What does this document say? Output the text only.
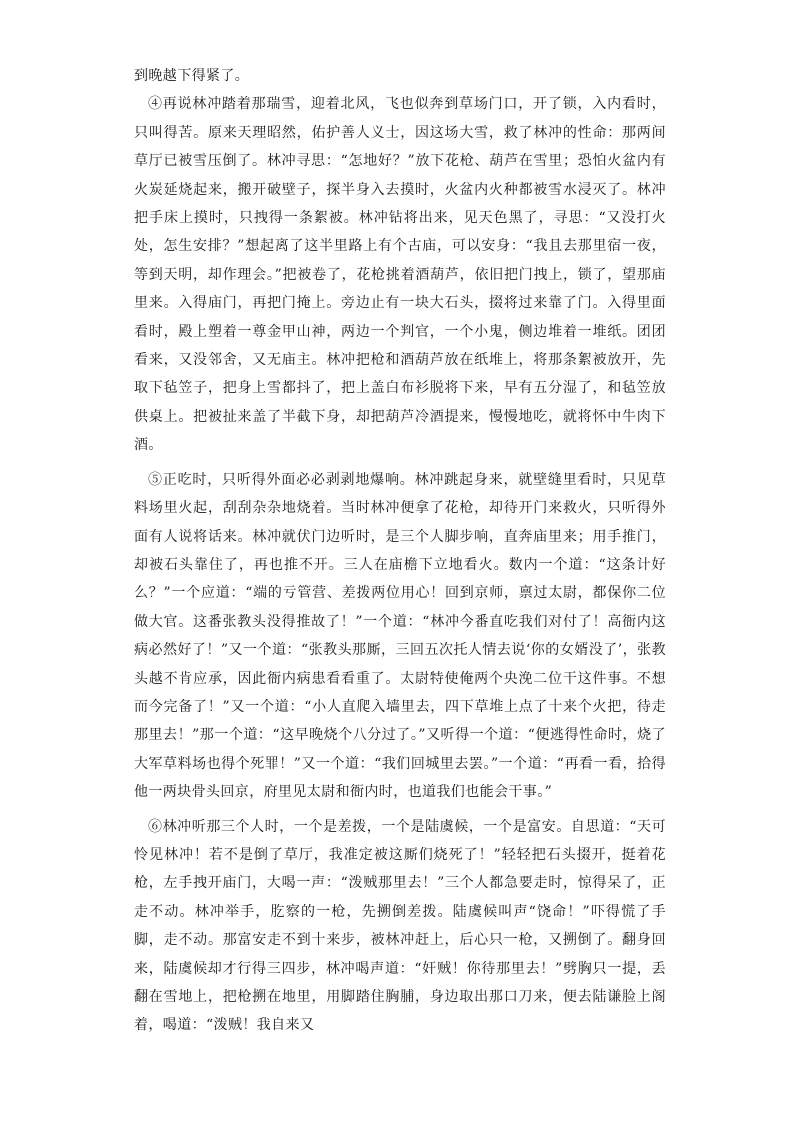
到晚越下得紧了。

④再说林冲踏着那瑞雪，迎着北风，飞也似奔到草场门口，开了锁，入内看时，只叫得苦。原来天理昭然，佑护善人义士，因这场大雪，救了林冲的性命：那两间草厅已被雪压倒了。林冲寻思：“怎地好？”放下花枪、葫芦在雪里；恐怕火盆内有火炭延烧起来，搬开破壁子，探半身入去摸时，火盆内火种都被雪水浸灭了。林冲把手床上摸时，只拽得一条絮被。林冲钻将出来，见天色黑了，寻思：“又没打火处，怎生安排？”想起离了这半里路上有个古庙，可以安身：“我且去那里宿一夜，等到天明，却作理会。”把被卷了，花枪挑着酒葫芦，依旧把门拽上，锁了，望那庙里来。入得庙门，再把门掩上。旁边止有一块大石头，掇将过来靠了门。入得里面看时，殿上塑着一尊金甲山神，两边一个判官，一个小鬼，侧边堆着一堆纸。团团看来，又没邻舍，又无庙主。林冲把枪和酒葫芦放在纸堆上，将那条絮被放开，先取下毡笠子，把身上雪都抖了，把上盖白布衫脱将下来，早有五分湿了，和毡笠放供桌上。把被扯来盖了半截下身，却把葫芦冷酒提来，慢慢地吃，就将怀中牛肉下酒。

⑤正吃时，只听得外面必必剥剥地爆响。林冲跳起身来，就壁缝里看时，只见草料场里火起，刮刮杂杂地烧着。当时林冲便拿了花枪，却待开门来救火，只听得外面有人说将话来。林冲就伏门边听时，是三个人脚步响，直奔庙里来；用手推门，却被石头靠住了，再也推不开。三人在庙檐下立地看火。数内一个道：“这条计好么？”一个应道：“端的亏管营、差拨两位用心！回到京师，禀过太尉，都保你二位做大官。这番张教头没得推故了！”一个道：“林冲今番直吃我们对付了！高衙内这病必然好了！”又一个道：“张教头那厮，三回五次托人情去说‘你的女婿没了’，张教头越不肯应承，因此衙内病患看看重了。太尉特使俺两个央浼二位干这件事。不想而今完备了！”又一个道：“小人直爬入墙里去，四下草堆上点了十来个火把，待走那里去！”那一个道：“这早晚烧个八分过了。”又听得一个道：“便逃得性命时，烧了大军草料场也得个死罪！”又一个道：“我们回城里去罢。”一个道：“再看一看，拾得他一两块骨头回京，府里见太尉和衙内时，也道我们也能会干事。”

⑥林冲听那三个人时，一个是差拨，一个是陆虞候，一个是富安。自思道：“天可怜见林冲！若不是倒了草厅，我准定被这厮们烧死了！”轻轻把石头掇开，挺着花枪，左手拽开庙门，大喝一声：“泼贼那里去！”三个人都急要走时，惊得呆了，正走不动。林冲举手，肐察的一枪，先搠倒差拨。陆虞候叫声“饶命！”吓得慌了手脚，走不动。那富安走不到十来步，被林冲赶上，后心只一枪，又搠倒了。翻身回来，陆虞候却才行得三四步，林冲喝声道：“奸贼！你待那里去！”劈胸只一提，丢翻在雪地上，把枪搠在地里，用脚踏住胸脯，身边取出那口刀来，便去陆谦脸上阁着，喝道：“泼贼！我自来又
